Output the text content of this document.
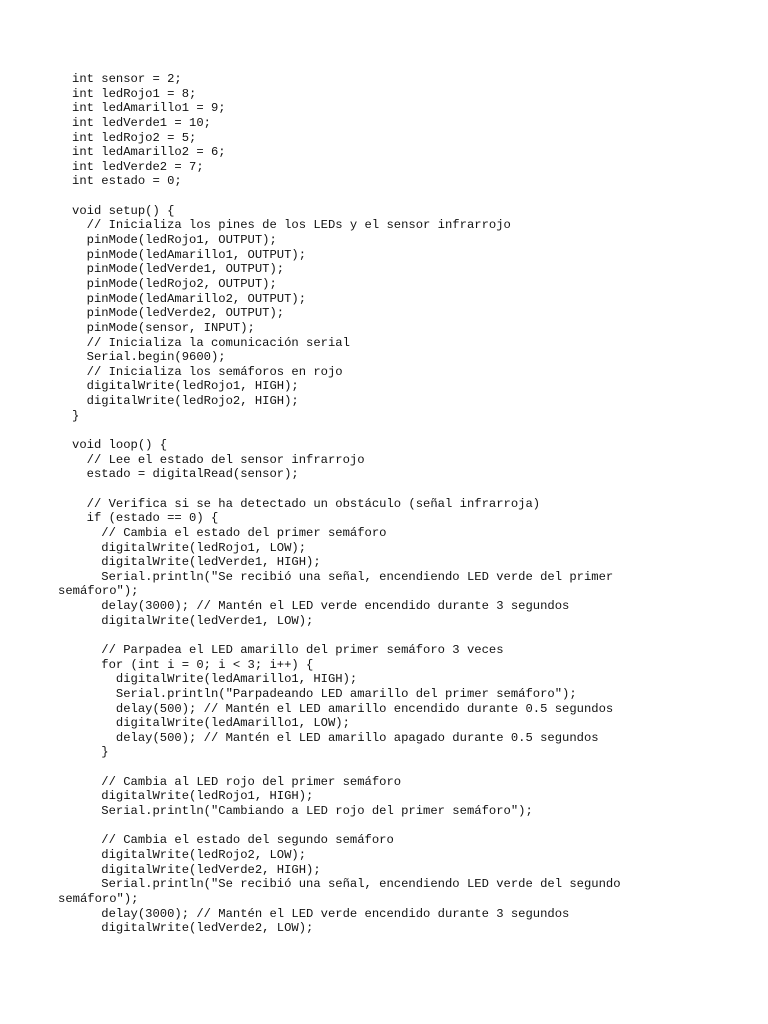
int sensor = 2;
int ledRojo1 = 8;
int ledAmarillo1 = 9;
int ledVerde1 = 10;
int ledRojo2 = 5;
int ledAmarillo2 = 6;
int ledVerde2 = 7;
int estado = 0;
void setup() {
// Inicializa los pines de los LEDs y el sensor infrarrojo
pinMode(ledRojo1, OUTPUT);
pinMode(ledAmarillo1, OUTPUT);
pinMode(ledVerde1, OUTPUT);
pinMode(ledRojo2, OUTPUT);
pinMode(ledAmarillo2, OUTPUT);
pinMode(ledVerde2, OUTPUT);
pinMode(sensor, INPUT);
// Inicializa la comunicación serial
Serial.begin(9600);
// Inicializa los semáforos en rojo
digitalWrite(ledRojo1, HIGH);
digitalWrite(ledRojo2, HIGH);
}
void loop() {
// Lee el estado del sensor infrarrojo
estado = digitalRead(sensor);
// Verifica si se ha detectado un obstáculo (señal infrarroja)
if (estado == 0) {
// Cambia el estado del primer semáforo
digitalWrite(ledRojo1, LOW);
digitalWrite(ledVerde1, HIGH);
Serial.println("Se recibió una señal, encendiendo LED verde del primer
semáforo");
delay(3000); // Mantén el LED verde encendido durante 3 segundos
digitalWrite(ledVerde1, LOW);
// Parpadea el LED amarillo del primer semáforo 3 veces
for (int i = 0; i < 3; i++) {
digitalWrite(ledAmarillo1, HIGH);
Serial.println("Parpadeando LED amarillo del primer semáforo");
delay(500); // Mantén el LED amarillo encendido durante 0.5 segundos
digitalWrite(ledAmarillo1, LOW);
delay(500); // Mantén el LED amarillo apagado durante 0.5 segundos
}
// Cambia al LED rojo del primer semáforo
digitalWrite(ledRojo1, HIGH);
Serial.println("Cambiando a LED rojo del primer semáforo");
// Cambia el estado del segundo semáforo
digitalWrite(ledRojo2, LOW);
digitalWrite(ledVerde2, HIGH);
Serial.println("Se recibió una señal, encendiendo LED verde del segundo
semáforo");
delay(3000); // Mantén el LED verde encendido durante 3 segundos
digitalWrite(ledVerde2, LOW);
